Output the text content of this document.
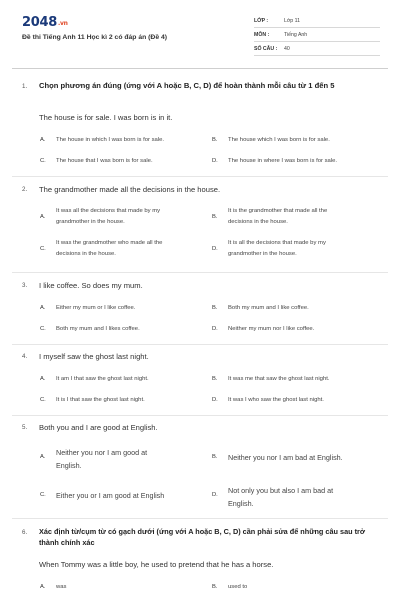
2048.vn
Đề thi Tiếng Anh 11 Học kì 2 có đáp án (Đề 4)
LỚP :	Lớp 11
MÔN :	Tiếng Anh
SỐ CÂU : 40
1. Chọn phương án đúng (ứng với A hoặc B, C, D) để hoàn thành mỗi câu từ 1 đến 5
The house is for sale. I was born is in it.
A. The house in which I was born is for sale.	B. The house which I was born is for sale.
C. The house that I was born is for sale.	D. The house in where I was born is for sale.
2. The grandmother made all the decisions in the house.
A.
It was all the decisions that made by my
grandmother in the house.
B.
It is the grandmother that made all the
decisions in the house.
C.
It was the grandmother who made all the
decisions in the house.
D.
It is all the decisions that made by my
grandmother in the house.
3. I like coffee. So does my mum.
A. Either my mum or I like coffee.	B. Both my mum and I like coffee.
C. Both my mum and I likes coffee.	D. Neither my mum nor I like coffee.
4. I myself saw the ghost last night.
A. It am I that saw the ghost last night.	B. It was me that saw the ghost last night.
C. It is I that saw the ghost last night.	D. It was I who saw the ghost last night.
5. Both you and I are good at English.
A. Neither you nor I am good at
English.
B. Neither you nor I am bad at English.
C. Either you or I am good at English	D. Not only you but also I am bad at
English.
6. Xác định từ/cụm từ có gạch dưới (ứng với A hoặc B, C, D) cần phải sửa để những câu sau trở thành chính xác
When Tommy was a little boy, he used to pretend that he has a horse.
A. was	B. used to
